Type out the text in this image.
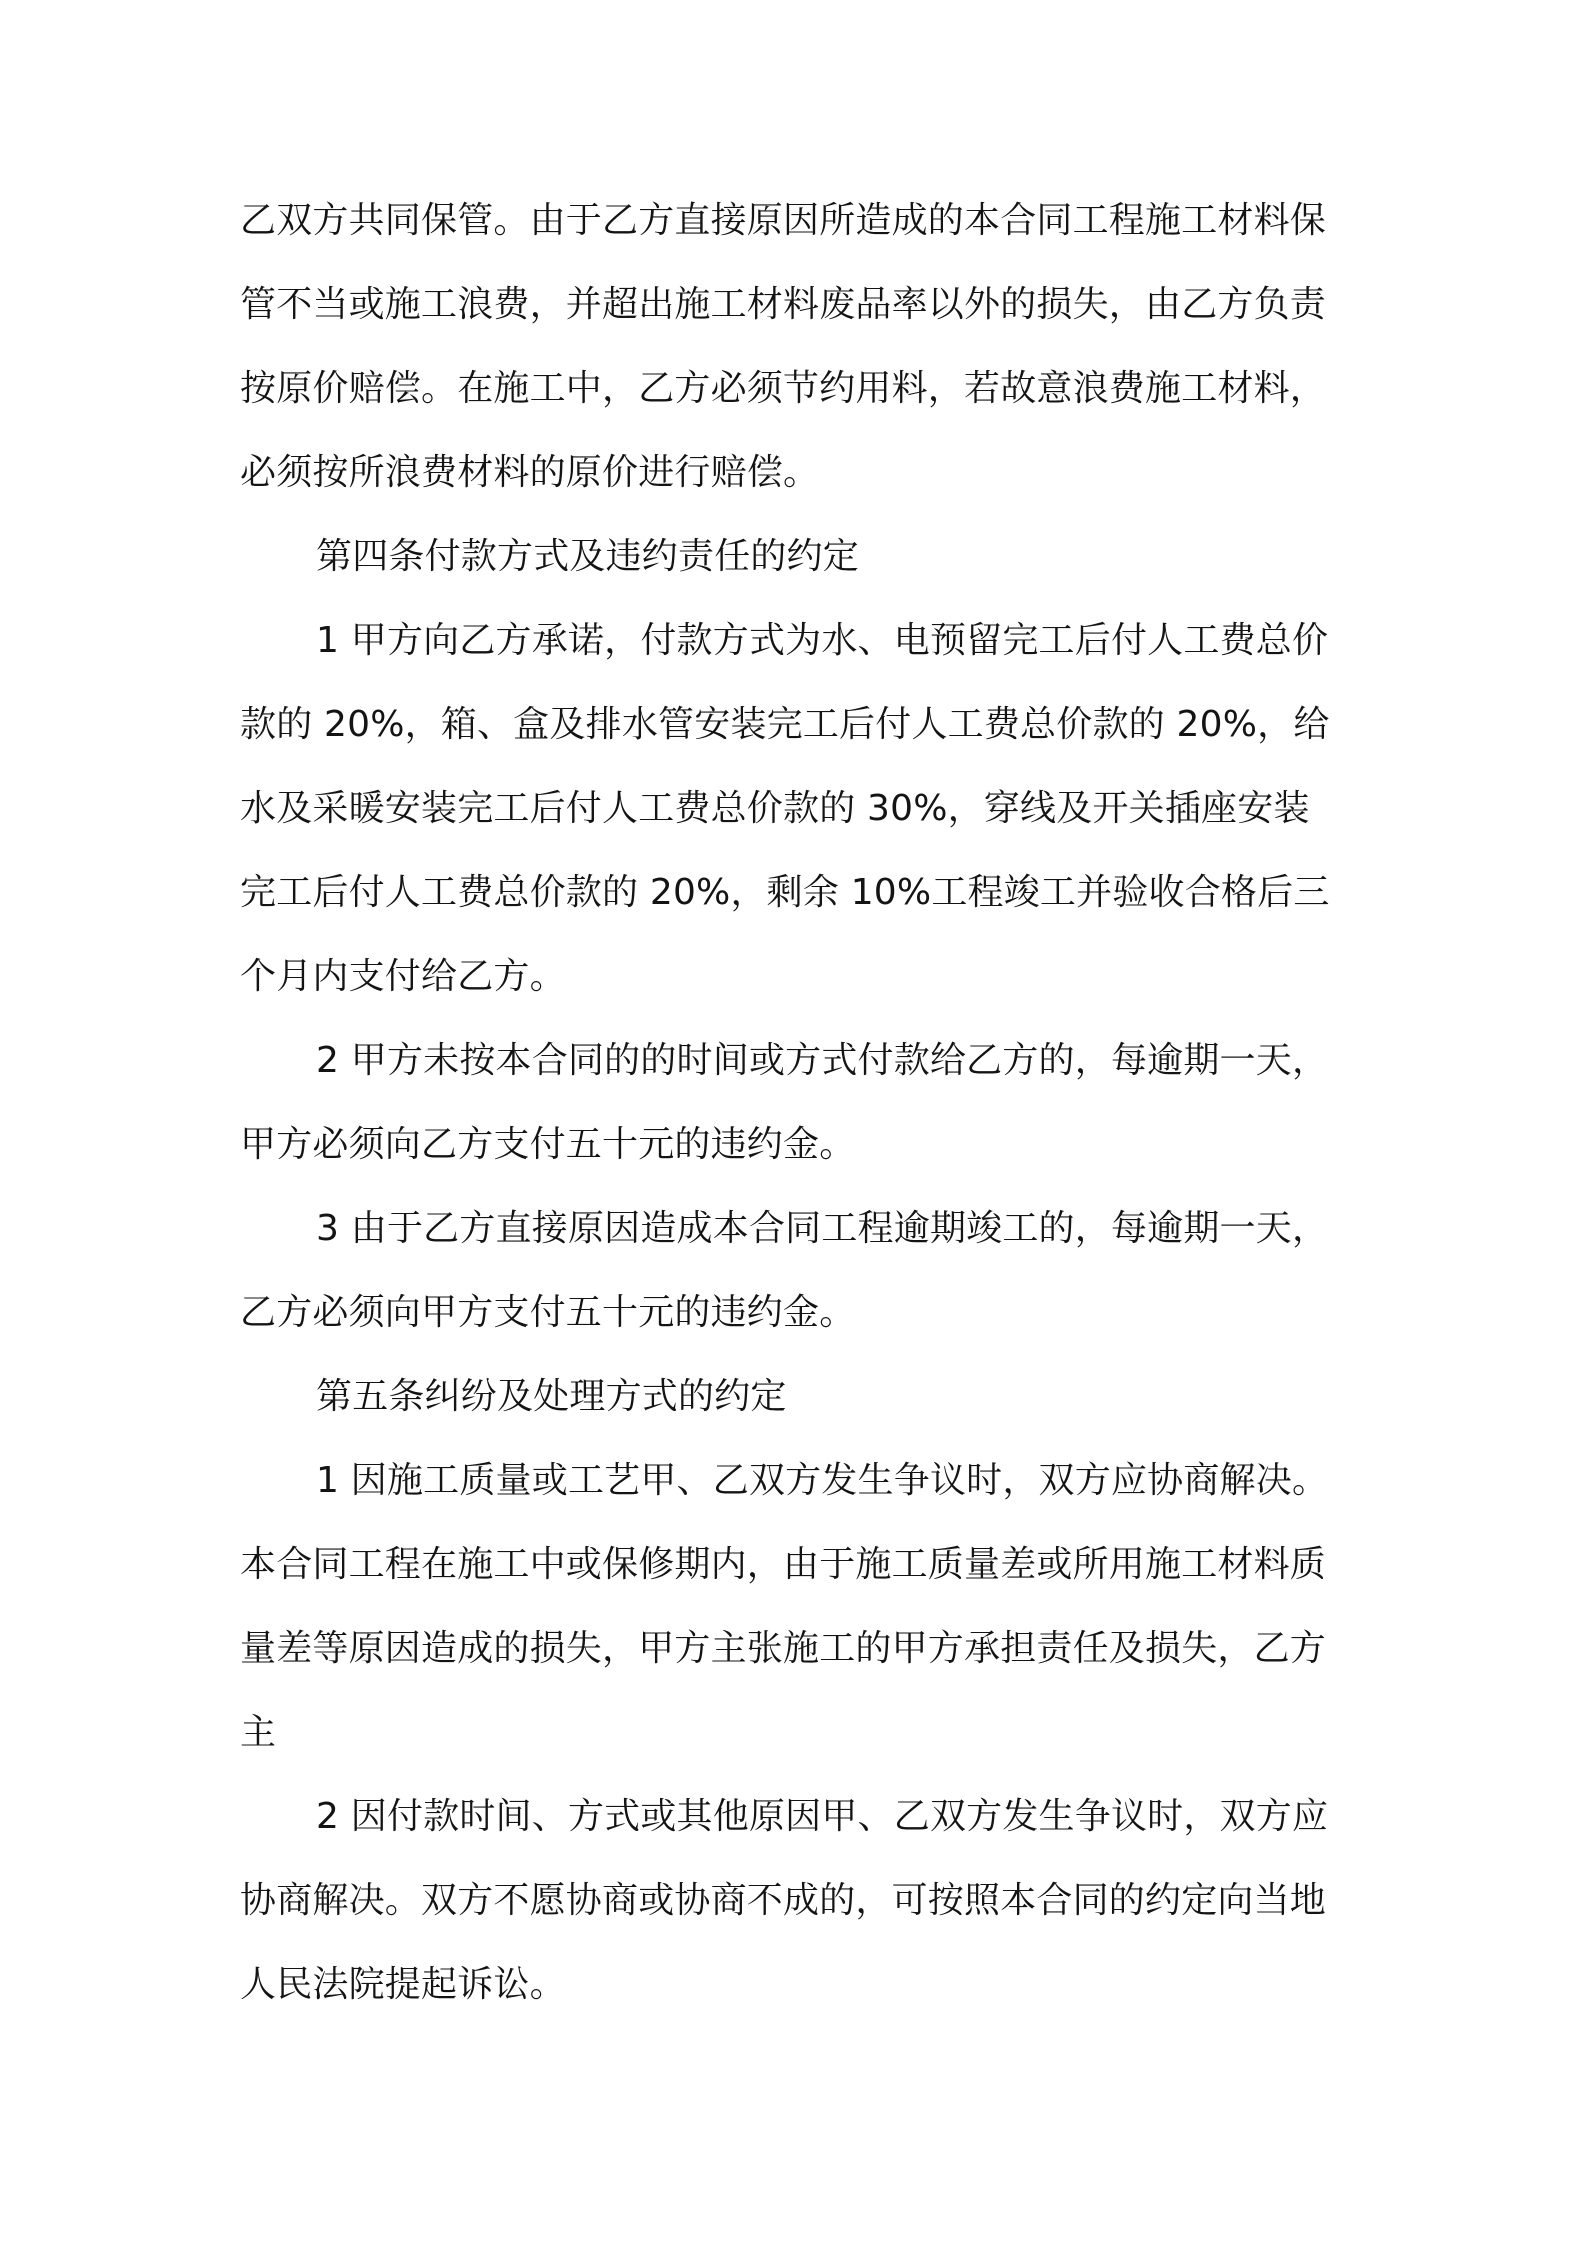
乙双方共同保管。由于乙方直接原因所造成的本合同工程施工材料保
管不当或施工浪费，并超出施工材料废品率以外的损失，由乙方负责
按原价赔偿。在施工中，乙方必须节约用料，若故意浪费施工材料，
必须按所浪费材料的原价进行赔偿。
第四条付款方式及违约责任的约定
1 甲方向乙方承诺，付款方式为水、电预留完工后付人工费总价
款的 20%，箱、盒及排水管安装完工后付人工费总价款的 20%，给
水及采暖安装完工后付人工费总价款的 30%，穿线及开关插座安装
完工后付人工费总价款的 20%，剩余 10%工程竣工并验收合格后三
个月内支付给乙方。
2 甲方未按本合同的的时间或方式付款给乙方的，每逾期一天，
甲方必须向乙方支付五十元的违约金。
3 由于乙方直接原因造成本合同工程逾期竣工的，每逾期一天，
乙方必须向甲方支付五十元的违约金。
第五条纠纷及处理方式的约定
1 因施工质量或工艺甲、乙双方发生争议时，双方应协商解决。
本合同工程在施工中或保修期内，由于施工质量差或所用施工材料质
量差等原因造成的损失，甲方主张施工的甲方承担责任及损失，乙方
主
2 因付款时间、方式或其他原因甲、乙双方发生争议时，双方应
协商解决。双方不愿协商或协商不成的，可按照本合同的约定向当地
人民法院提起诉讼。
